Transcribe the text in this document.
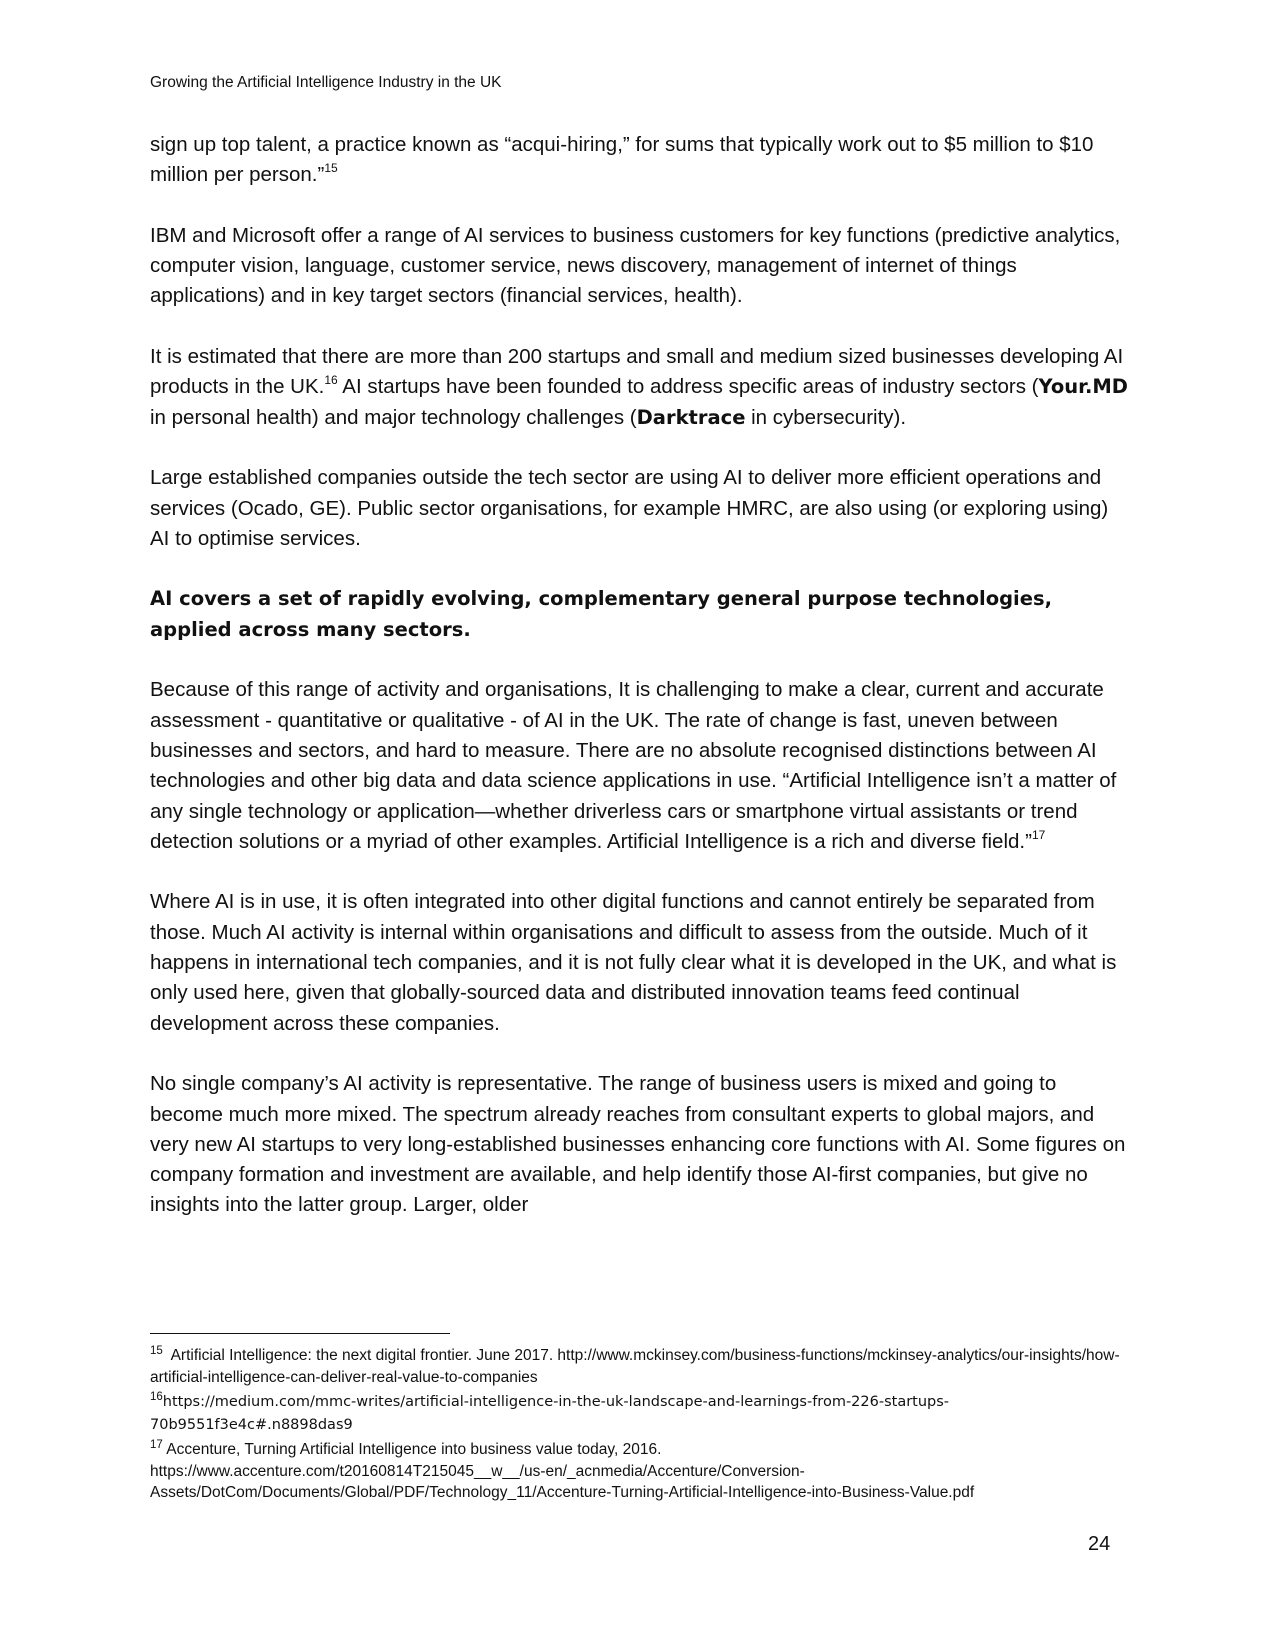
Growing the Artificial Intelligence Industry in the UK

sign up top talent, a practice known as “acqui-hiring,” for sums that typically work out to $5 million to $10 million per person.”$^{15}$

IBM and Microsoft offer a range of AI services to business customers for key functions (predictive analytics, computer vision, language, customer service, news discovery, management of internet of things applications) and in key target sectors (financial services, health).

It is estimated that there are more than 200 startups and small and medium sized businesses developing AI products in the UK.$^{16}$ AI startups have been founded to address specific areas of industry sectors (Your.MD in personal health) and major technology challenges (Darktrace in cybersecurity).

Large established companies outside the tech sector are using AI to deliver more efficient operations and services (Ocado, GE). Public sector organisations, for example HMRC, are also using (or exploring using) AI to optimise services.

AI covers a set of rapidly evolving, complementary general purpose technologies, applied across many sectors.

Because of this range of activity and organisations, It is challenging to make a clear, current and accurate assessment - quantitative or qualitative - of AI in the UK. The rate of change is fast, uneven between businesses and sectors, and hard to measure. There are no absolute recognised distinctions between AI technologies and other big data and data science applications in use. “Artificial Intelligence isn’t a matter of any single technology or application—whether driverless cars or smartphone virtual assistants or trend detection solutions or a myriad of other examples. Artificial Intelligence is a rich and diverse field.”$^{17}$

Where AI is in use, it is often integrated into other digital functions and cannot entirely be separated from those. Much AI activity is internal within organisations and difficult to assess from the outside. Much of it happens in international tech companies, and it is not fully clear what it is developed in the UK, and what is only used here, given that globally-sourced data and distributed innovation teams feed continual development across these companies.

No single company’s AI activity is representative. The range of business users is mixed and going to become much more mixed. The spectrum already reaches from consultant experts to global majors, and very new AI startups to very long-established businesses enhancing core functions with AI. Some figures on company formation and investment are available, and help identify those AI-first companies, but give no insights into the latter group. Larger, older

$^{15}$ Artificial Intelligence: the next digital frontier. June 2017. http://www.mckinsey.com/business-functions/mckinsey-analytics/our-insights/how-artificial-intelligence-can-deliver-real-value-to-companies

$^{16}$https://medium.com/mmc-writes/artificial-intelligence-in-the-uk-landscape-and-learnings-from-226-startups-70b9551f3e4c#.n8898das9

$^{17}$ Accenture, Turning Artificial Intelligence into business value today, 2016.
https://www.accenture.com/t20160814T215045__w__/us-en/_acnmedia/Accenture/Conversion-Assets/DotCom/Documents/Global/PDF/Technology_11/Accenture-Turning-Artificial-Intelligence-into-Business-Value.pdf

24
